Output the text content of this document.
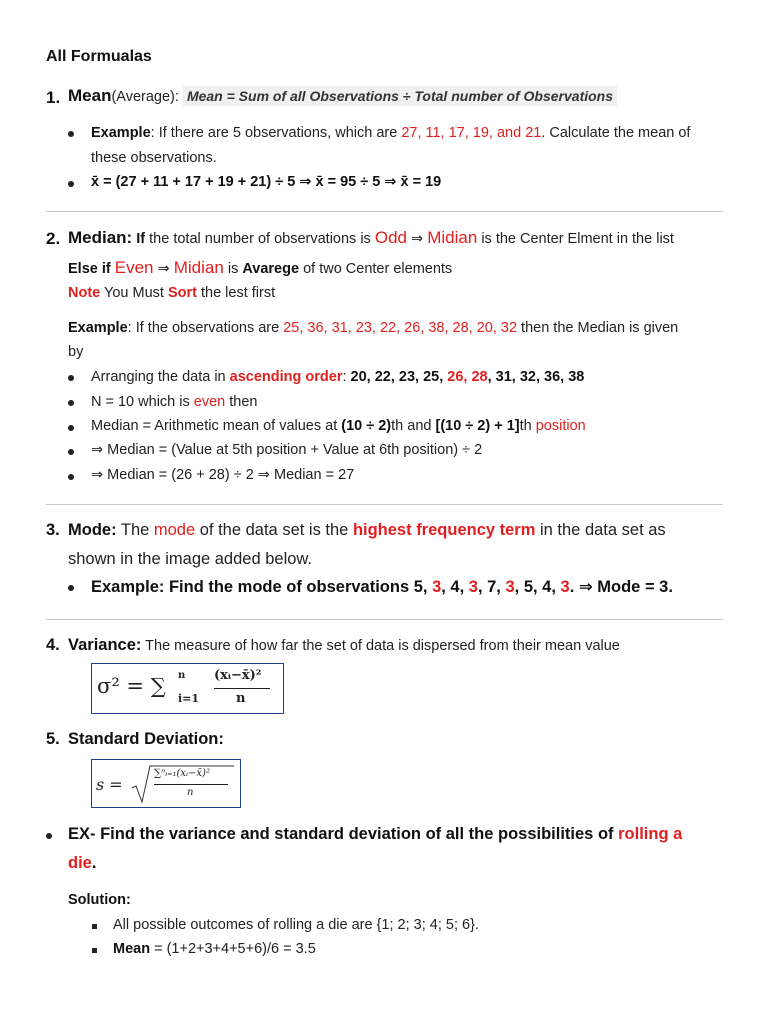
All Formualas
1. Mean(Average): Mean = Sum of all Observations ÷ Total number of Observations
Example: If there are 5 observations, which are 27, 11, 17, 19, and 21. Calculate the mean of
these observations.
x̄ = (27 + 11 + 17 + 19 + 21) ÷ 5 ⇒ x̄ = 95 ÷ 5 ⇒ x̄ = 19
2. Median: If the total number of observations is Odd ⇒ Midian is the Center Elment in the list
Else if Even ⇒ Midian is Avarege of two Center elements
Note You Must Sort the lest first
Example: If the observations are 25, 36, 31, 23, 22, 26, 38, 28, 20, 32 then the Median is given
by
Arranging the data in ascending order: 20, 22, 23, 25, 26, 28, 31, 32, 36, 38
N = 10 which is even then
Median = Arithmetic mean of values at (10 ÷ 2)th and [(10 ÷ 2) + 1]th position
⇒ Median = (Value at 5th position + Value at 6th position) ÷ 2
⇒ Median = (26 + 28) ÷ 2 ⇒ Median = 27
3. Mode: The mode of the data set is the highest frequency term in the data set as
shown in the image added below.
Example: Find the mode of observations 5, 3, 4, 3, 7, 3, 5, 4, 3. ⇒ Mode = 3.
4. Variance: The measure of how far the set of data is dispersed from their mean value
σ² = ∑ n
i=1
(xᵢ−x̄)²
n
5. Standard Deviation:
s =
∑ⁿᵢ₌₁(xᵢ−x̄)²
n
EX- Find the variance and standard deviation of all the possibilities of rolling a
die.
Solution:
All possible outcomes of rolling a die are {1; 2; 3; 4; 5; 6}.
Mean = (1+2+3+4+5+6)/6 = 3.5
